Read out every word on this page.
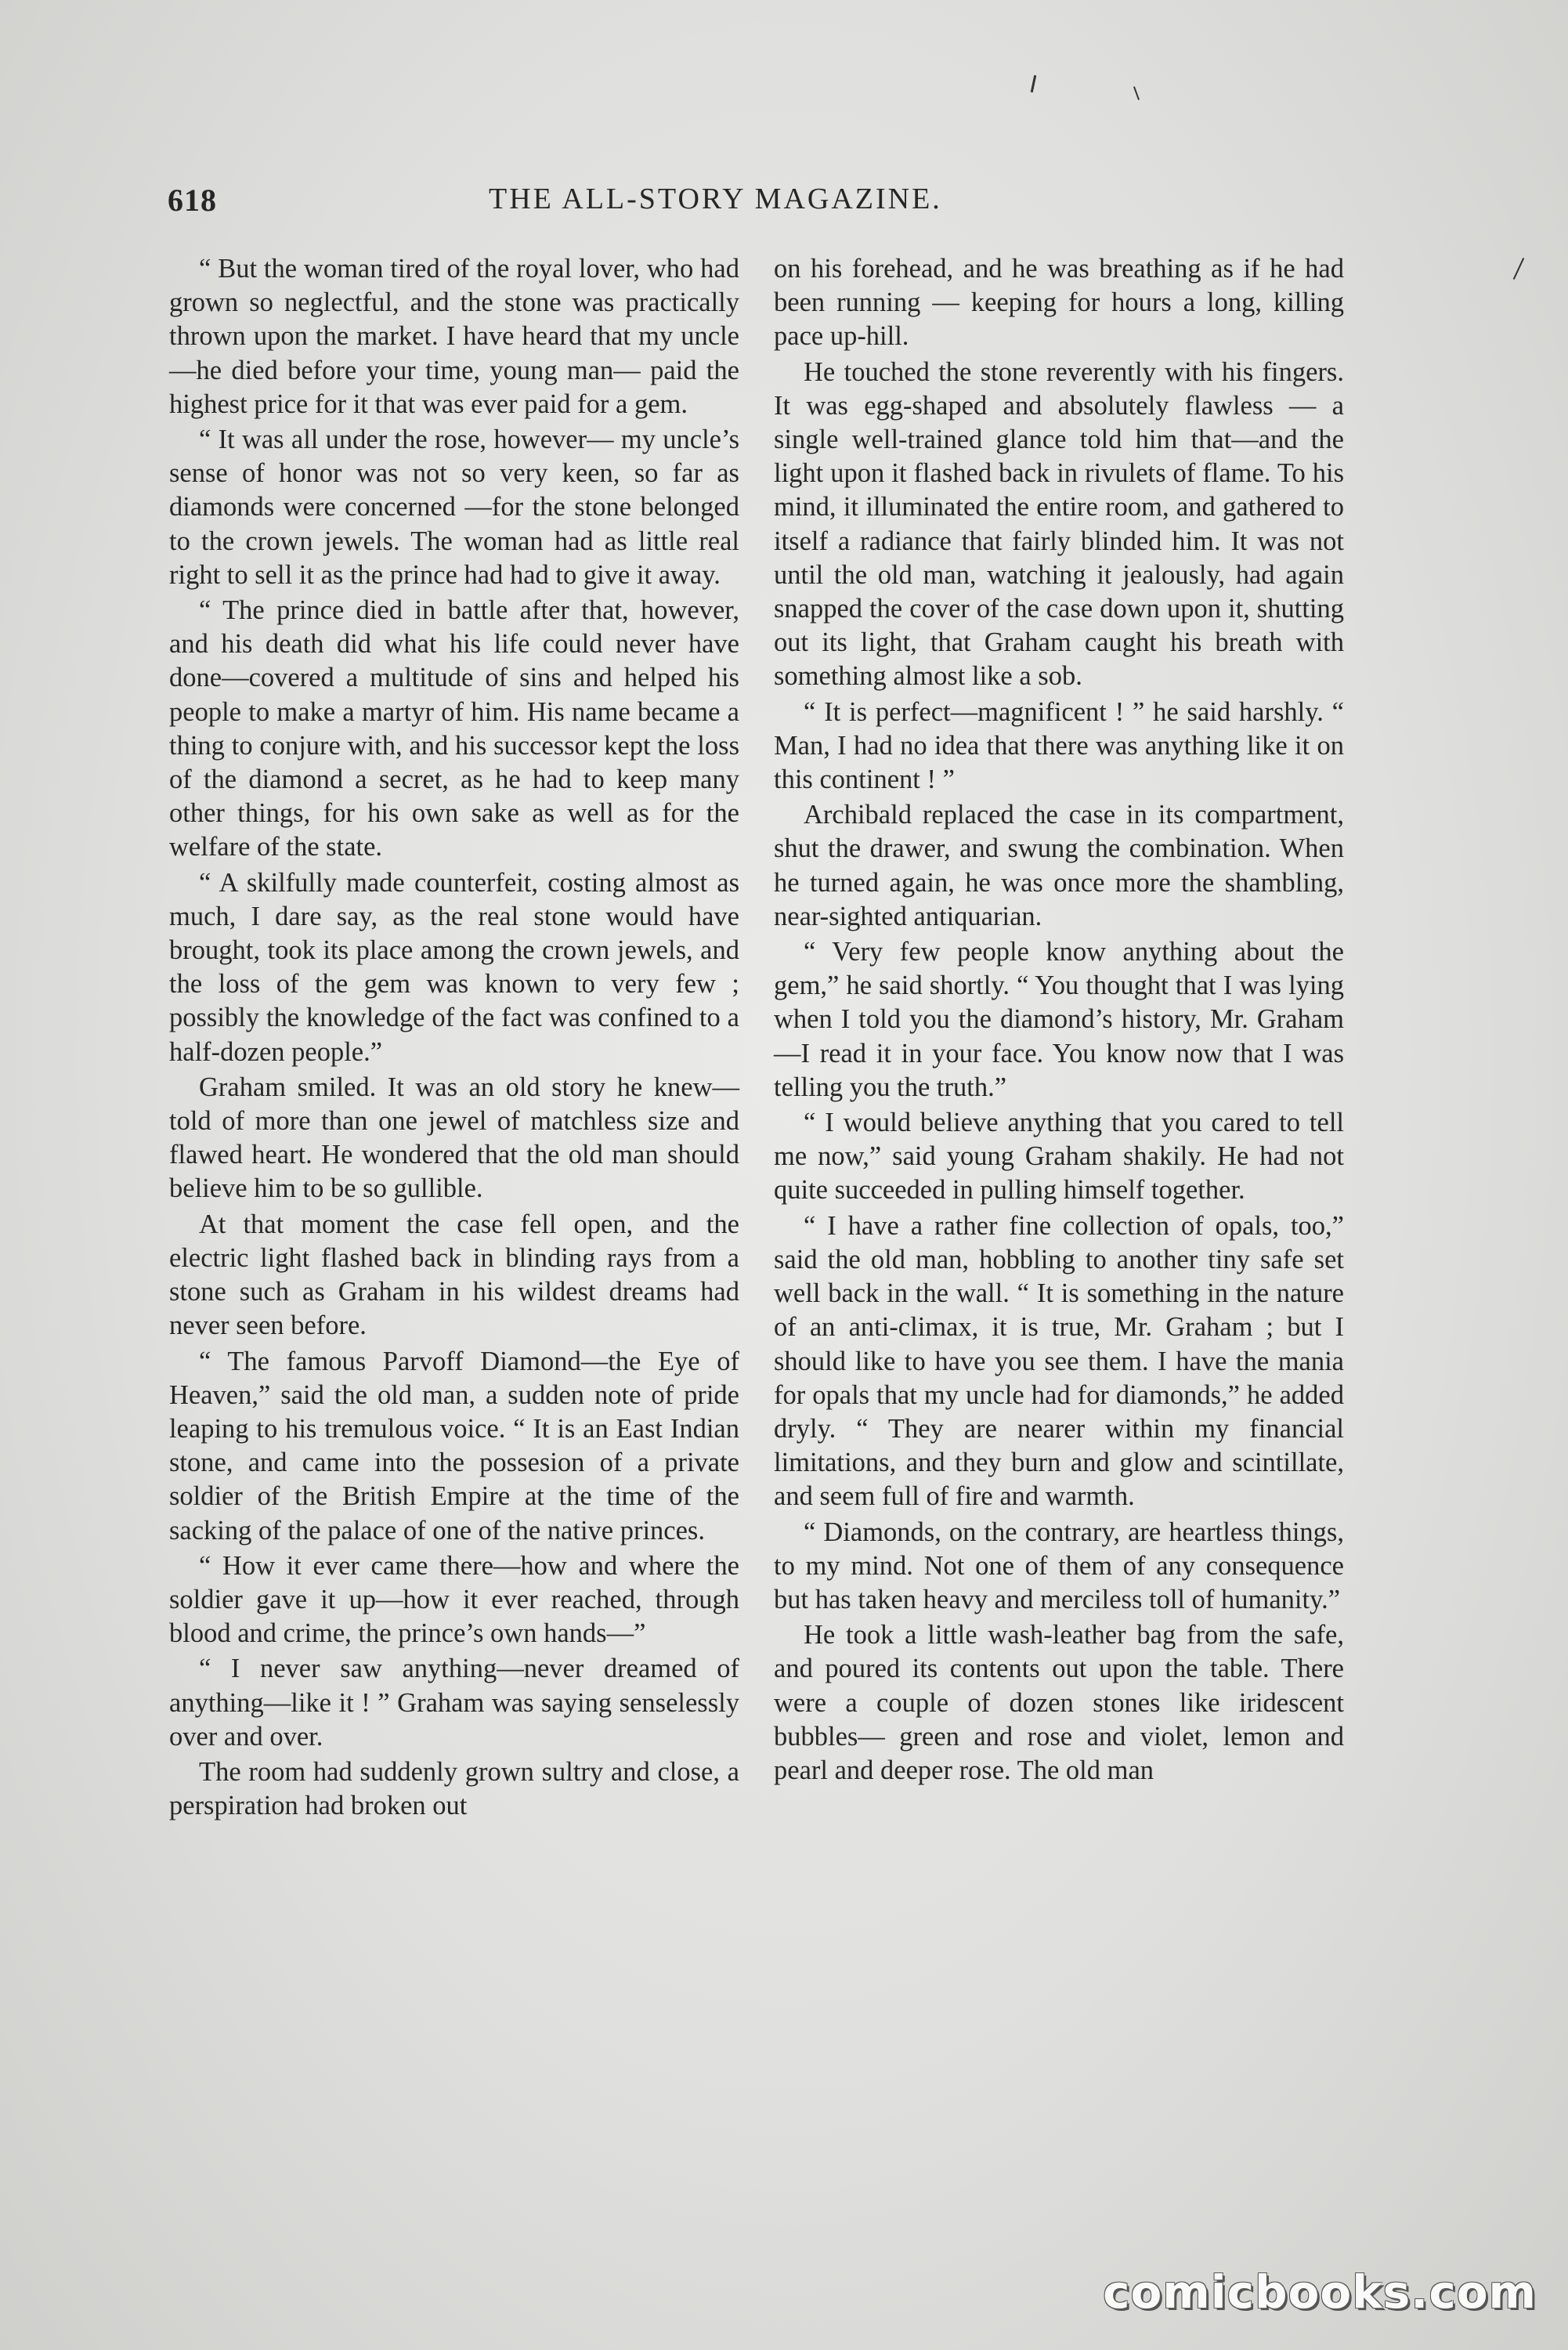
618	THE ALL-STORY MAGAZINE.

“ But the woman tired of the royal lover, who had grown so neglectful, and the stone was practically thrown upon the market. I have heard that my uncle —he died before your time, young man— paid the highest price for it that was ever paid for a gem.

“ It was all under the rose, however— my uncle’s sense of honor was not so very keen, so far as diamonds were concerned —for the stone belonged to the crown jewels. The woman had as little real right to sell it as the prince had had to give it away.

“ The prince died in battle after that, however, and his death did what his life could never have done—covered a multitude of sins and helped his people to make a martyr of him. His name became a thing to conjure with, and his successor kept the loss of the diamond a secret, as he had to keep many other things, for his own sake as well as for the welfare of the state.

“ A skilfully made counterfeit, costing almost as much, I dare say, as the real stone would have brought, took its place among the crown jewels, and the loss of the gem was known to very few ; possibly the knowledge of the fact was confined to a half-dozen people.”

Graham smiled. It was an old story he knew—told of more than one jewel of matchless size and flawed heart. He wondered that the old man should believe him to be so gullible.

At that moment the case fell open, and the electric light flashed back in blinding rays from a stone such as Graham in his wildest dreams had never seen before.

“ The famous Parvoff Diamond—the Eye of Heaven,” said the old man, a sudden note of pride leaping to his tremulous voice. “ It is an East Indian stone, and came into the possesion of a private soldier of the British Empire at the time of the sacking of the palace of one of the native princes.

“ How it ever came there—how and where the soldier gave it up—how it ever reached, through blood and crime, the prince’s own hands—”

“ I never saw anything—never dreamed of anything—like it ! ” Graham was saying senselessly over and over.

The room had suddenly grown sultry and close, a perspiration had broken out

on his forehead, and he was breathing as if he had been running — keeping for hours a long, killing pace up-hill.

He touched the stone reverently with his fingers. It was egg-shaped and absolutely flawless — a single well-trained glance told him that—and the light upon it flashed back in rivulets of flame. To his mind, it illuminated the entire room, and gathered to itself a radiance that fairly blinded him. It was not until the old man, watching it jealously, had again snapped the cover of the case down upon it, shutting out its light, that Graham caught his breath with something almost like a sob.

“ It is perfect—magnificent ! ” he said harshly. “ Man, I had no idea that there was anything like it on this continent ! ”

Archibald replaced the case in its compartment, shut the drawer, and swung the combination. When he turned again, he was once more the shambling, near-sighted antiquarian.

“ Very few people know anything about the gem,” he said shortly. “ You thought that I was lying when I told you the diamond’s history, Mr. Graham —I read it in your face. You know now that I was telling you the truth.”

“ I would believe anything that you cared to tell me now,” said young Graham shakily. He had not quite succeeded in pulling himself together.

“ I have a rather fine collection of opals, too,” said the old man, hobbling to another tiny safe set well back in the wall. “ It is something in the nature of an anti-climax, it is true, Mr. Graham ; but I should like to have you see them. I have the mania for opals that my uncle had for diamonds,” he added dryly. “ They are nearer within my financial limitations, and they burn and glow and scintillate, and seem full of fire and warmth.

“ Diamonds, on the contrary, are heartless things, to my mind. Not one of them of any consequence but has taken heavy and merciless toll of humanity.”

He took a little wash-leather bag from the safe, and poured its contents out upon the table. There were a couple of dozen stones like iridescent bubbles— green and rose and violet, lemon and pearl and deeper rose. The old man

comicbooks.com
